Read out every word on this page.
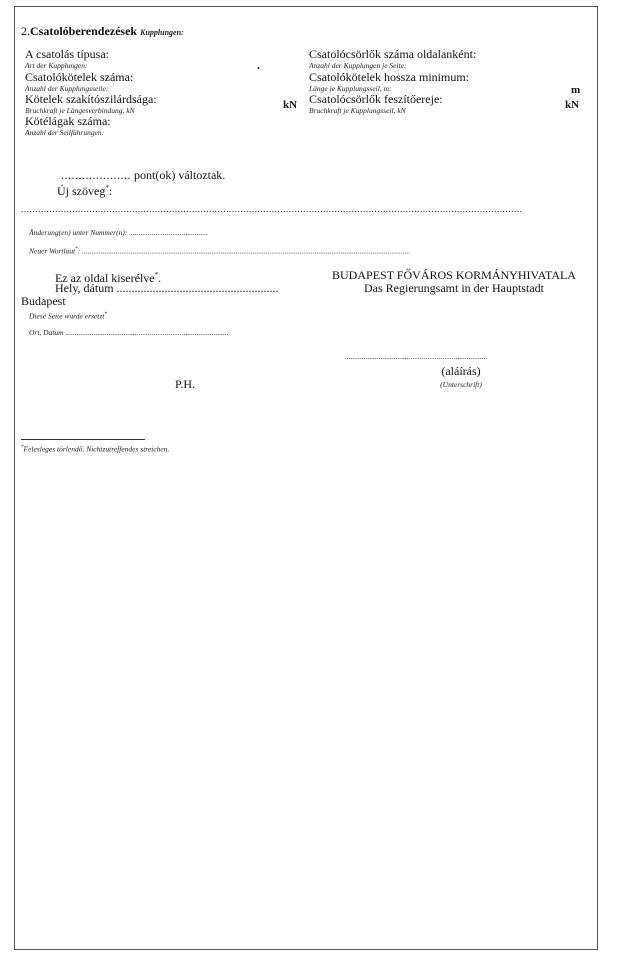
2.Csatolóberendezések Kupplungen:
A csatolás típusa:
Art der Kupplungen:	.
Csatolókötelek száma:
Anzahl der Kupplungsseile:
Kötelek szakítószilárdsága:
Bruchkraft je Längesverbindung, kN	kN
Kötélágak száma:
Anzahl der Seilführungen:
Csatolócsörlők száma oldalanként:
Anzahl der Kupplungen je Seite:
Csatolókötelek hossza minimum:
Länge je Kupplungsseil, m:	m
Csatolócsörlők feszítőereje:
Bruchkraft je Kupplungsseil, kN	kN
.................... pont(ok) változtak.
Új szöveg*:
................................................................................................................................................................................
Änderung(en) unter Nummer(n): ..........................................
Neuer Wortlaut*: ...............................................................................................................................................................................
Ez az oldal kiserélve*.
Hely, dátum ......................................................
Budapest
Diese Seite wurde ersetzt*
Ort, Datum .......................................................................................
BUDAPEST FŐVÁROS KORMÁNYHIVATALA
Das Regierungsamt in der Hauptstadt
............................................................................
(aláírás)
(Unterschrift)
P.H.
*Felesleges törlendő. Nichtzutreffendes streichen.
